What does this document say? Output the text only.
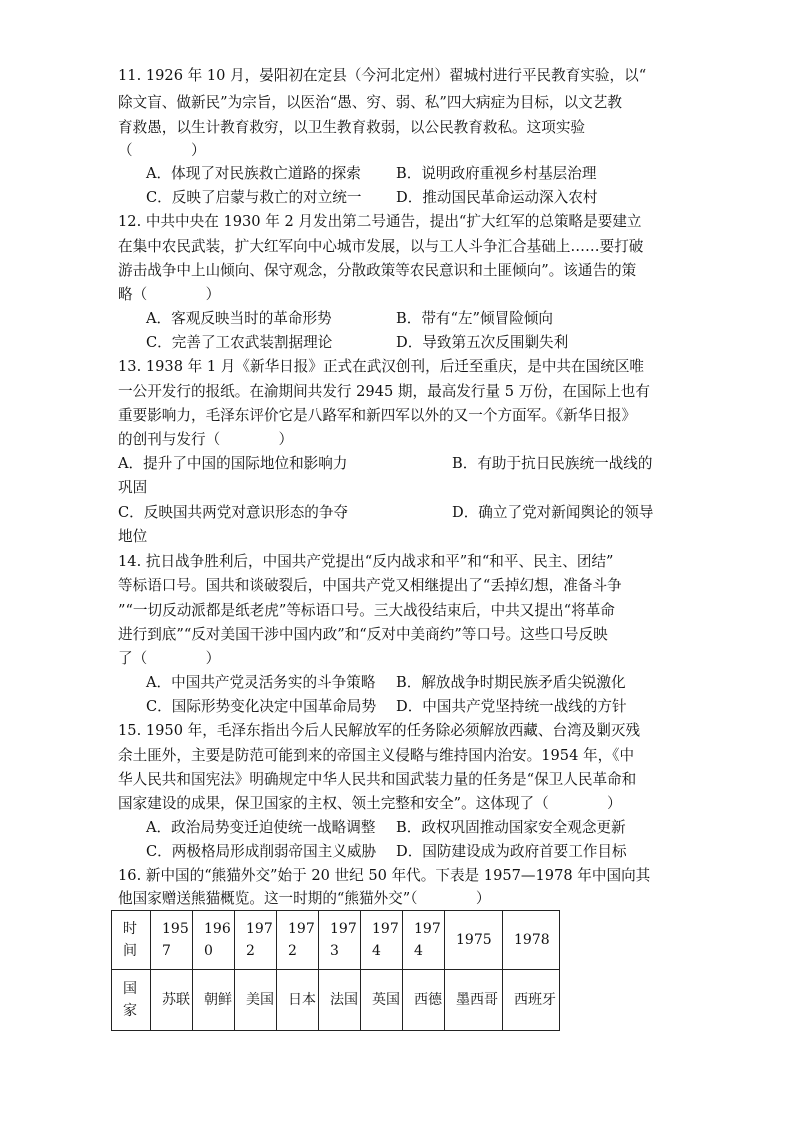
11. 1926 年 10 月，晏阳初在定县（今河北定州）翟城村进行平民教育实验，以“
除文盲、做新民”为宗旨，以医治“愚、穷、弱、私”四大病症为目标，以文艺教
育救愚，以生计教育救穷，以卫生教育救弱，以公民教育救私。这项实验
（　　　　）
A．体现了对民族救亡道路的探索 B．说明政府重视乡村基层治理
C．反映了启蒙与救亡的对立统一 D．推动国民革命运动深入农村
12. 中共中央在 1930 年 2 月发出第二号通告，提出“扩大红军的总策略是要建立
在集中农民武装，扩大红军向中心城市发展，以与工人斗争汇合基础上……要打破
游击战争中上山倾向、保守观念，分散政策等农民意识和土匪倾向”。该通告的策
略（　　　　）
A．客观反映当时的革命形势	B．带有“左”倾冒险倾向
C．完善了工农武装割据理论	D．导致第五次反围剿失利
13. 1938 年 1 月《新华日报》正式在武汉创刊，后迁至重庆，是中共在国统区唯
一公开发行的报纸。在渝期间共发行 2945 期，最高发行量 5 万份，在国际上也有
重要影响力，毛泽东评价它是八路军和新四军以外的又一个方面军。《新华日报》
的创刊与发行（　　　　）
A．提升了中国的国际地位和影响力	B．有助于抗日民族统一战线的
巩固
C．反映国共两党对意识形态的争夺	D．确立了党对新闻舆论的领导
地位
14. 抗日战争胜利后，中国共产党提出“反内战求和平”和“和平、民主、团结”
等标语口号。国共和谈破裂后，中国共产党又相继提出了“丢掉幻想，准备斗争
”“一切反动派都是纸老虎”等标语口号。三大战役结束后，中共又提出“将革命
进行到底”“反对美国干涉中国内政”和“反对中美商约”等口号。这些口号反映
了（　　　　）
A．中国共产党灵活务实的斗争策略 B．解放战争时期民族矛盾尖锐激化
C．国际形势变化决定中国革命局势 D．中国共产党坚持统一战线的方针
15. 1950 年，毛泽东指出今后人民解放军的任务除必须解放西藏、台湾及剿灭残
余土匪外，主要是防范可能到来的帝国主义侵略与维持国内治安。1954 年，《中
华人民共和国宪法》明确规定中华人民共和国武装力量的任务是“保卫人民革命和
国家建设的成果，保卫国家的主权、领土完整和安全”。这体现了（　　　　）
A．政治局势变迁迫使统一战略调整 B．政权巩固推动国家安全观念更新
C．两极格局形成削弱帝国主义威胁 D．国防建设成为政府首要工作目标
16. 新中国的“熊猫外交”始于 20 世纪 50 年代。下表是 1957—1978 年中国向其
他国家赠送熊猫概览。这一时期的“熊猫外交”（　　　　）
时间	1957	1960	1972	1972	1973	1974	1974	1975	1978
国家	苏联	朝鲜	美国	日本	法国	英国	西德	墨西哥	西班牙
